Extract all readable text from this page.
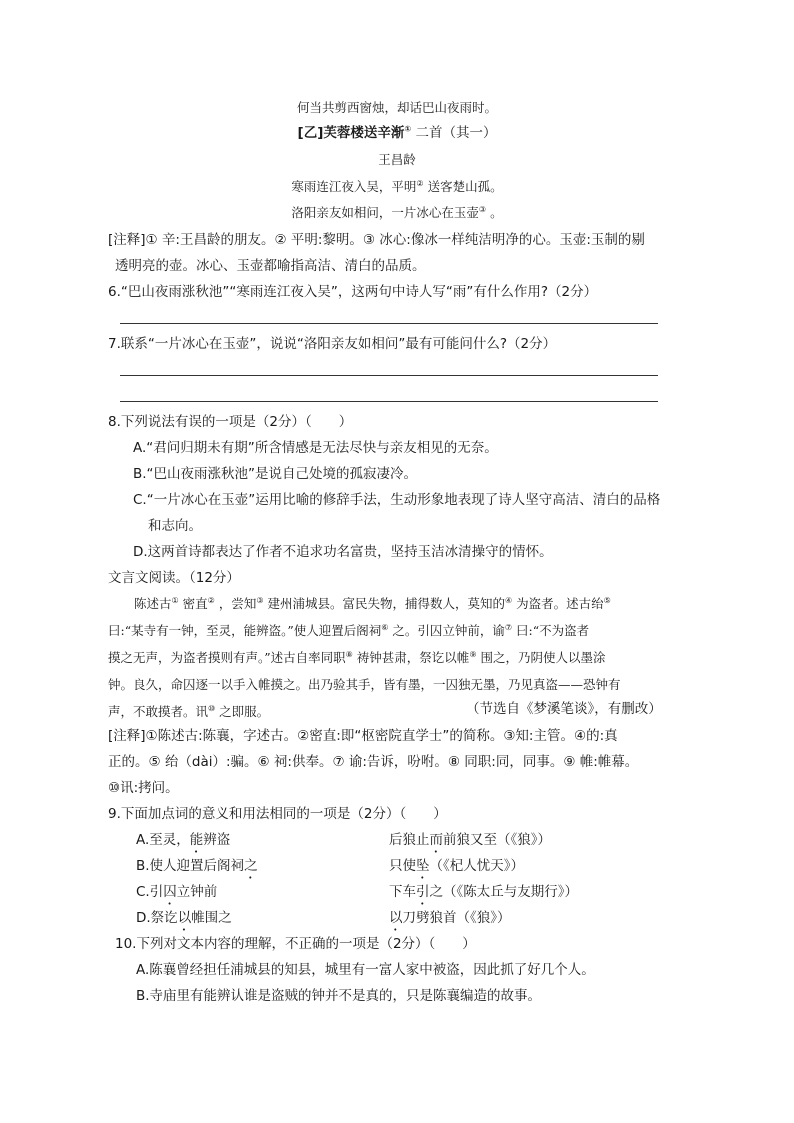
何当共剪西窗烛，却话巴山夜雨时。
[乙]芙蓉楼送辛渐① 二首（其一）
王昌龄
寒雨连江夜入吴，平明② 送客楚山孤。
洛阳亲友如相问，一片冰心在玉壶③ 。
[注释]① 辛:王昌龄的朋友。② 平明:黎明。③ 冰心:像冰一样纯洁明净的心。玉壶:玉制的剔
透明亮的壶。冰心、玉壶都喻指高洁、清白的品质。
6.“巴山夜雨涨秋池”“寒雨连江夜入吴”，这两句中诗人写“雨”有什么作用?（2分）
7.联系“一片冰心在玉壶”，说说“洛阳亲友如相问”最有可能问什么?（2分）
8.下列说法有误的一项是（2分）（　　）
A.“君问归期未有期”所含情感是无法尽快与亲友相见的无奈。
B.“巴山夜雨涨秋池”是说自己处境的孤寂凄冷。
C.“一片冰心在玉壶”运用比喻的修辞手法，生动形象地表现了诗人坚守高洁、清白的品格
和志向。
D.这两首诗都表达了作者不追求功名富贵，坚持玉洁冰清操守的情怀。
文言文阅读。（12分）
陈述古① 密直② ，尝知③ 建州浦城县。富民失物，捕得数人，莫知的④ 为盗者。述古绐⑤
曰:“某寺有一钟，至灵，能辨盗。”使人迎置后阁祠⑥ 之。引囚立钟前，谕⑦ 曰:“不为盗者
摸之无声，为盗者摸则有声。”述古自率同职⑧ 祷钟甚肃，祭讫以帷⑨ 围之，乃阴使人以墨涂
钟。良久，命囚逐一以手入帷摸之。出乃验其手，皆有墨，一囚独无墨，乃见真盗——恐钟有
声，不敢摸者。讯⑩ 之即服。	（节选自《梦溪笔谈》，有删改）
[注释]①陈述古:陈襄，字述古。②密直:即“枢密院直学士”的简称。③知:主管。④的:真
正的。⑤ 绐（dài）:骗。⑥ 祠:供奉。⑦ 谕:告诉，吩咐。⑧ 同职:同，同事。⑨ 帷:帷幕。
⑩讯:拷问。
9.下面加点词的意义和用法相同的一项是（2分）（　　）
A.至灵，能辨盗	后狼止而前狼又至（《狼》）
B.使人迎置后阁祠之	只使坠（《杞人忧天》）
C.引囚立钟前	下车引之（《陈太丘与友期行》）
D.祭讫以帷围之	以刀劈狼首（《狼》）
10.下列对文本内容的理解，不正确的一项是（2分）（　　）
A.陈襄曾经担任浦城县的知县，城里有一富人家中被盗，因此抓了好几个人。
B.寺庙里有能辨认谁是盗贼的钟并不是真的，只是陈襄编造的故事。
